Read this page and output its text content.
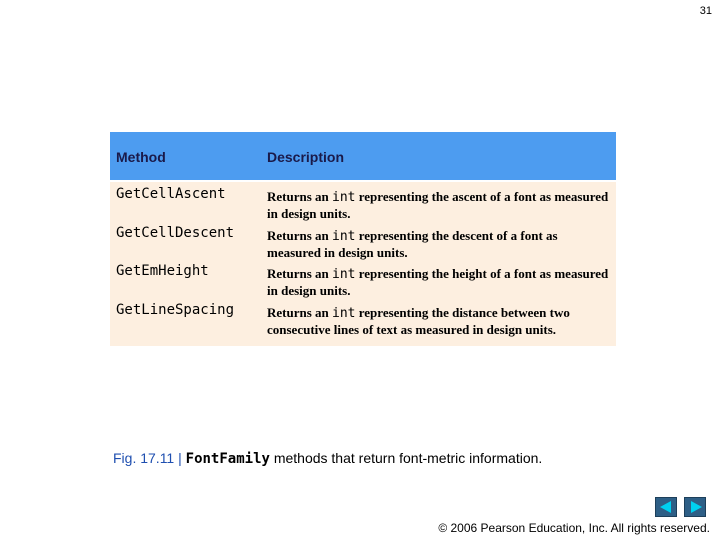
31
Method	Description
GetCellAscent	Returns an int representing the ascent of a font as measured in design units.
GetCellDescent	Returns an int representing the descent of a font as measured in design units.
GetEmHeight	Returns an int representing the height of a font as measured in design units.
GetLineSpacing	Returns an int representing the distance between two consecutive lines of text as measured in design units.
Fig. 17.11 | FontFamily methods that return font-metric information.
© 2006 Pearson Education, Inc. All rights reserved.
